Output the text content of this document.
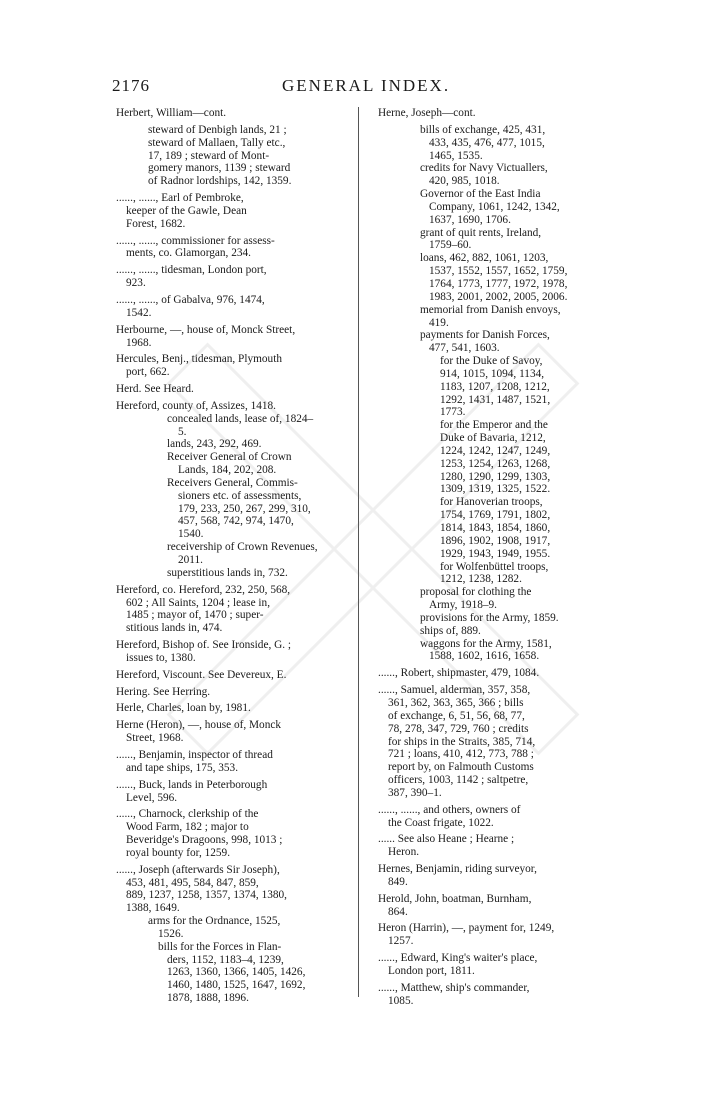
2176	GENERAL INDEX.
Herbert, William—cont.
steward of Denbigh lands, 21 ;
steward of Mallaen, Tally etc.,
17, 189 ; steward of Mont-
gomery manors, 1139 ; steward
of Radnor lordships, 142, 1359.
......, ......, Earl of Pembroke,
keeper of the Gawle, Dean
Forest, 1682.
......, ......, commissioner for assess-
ments, co. Glamorgan, 234.
......, ......, tidesman, London port,
923.
......, ......, of Gabalva, 976, 1474,
1542.
Herbourne, —, house of, Monck Street,
1968.
Hercules, Benj., tidesman, Plymouth
port, 662.
Herd. See Heard.
Hereford, county of, Assizes, 1418.
concealed lands, lease of, 1824–
5.
lands, 243, 292, 469.
Receiver General of Crown
Lands, 184, 202, 208.
Receivers General, Commis-
sioners etc. of assessments,
179, 233, 250, 267, 299, 310,
457, 568, 742, 974, 1470,
1540.
receivership of Crown Revenues,
2011.
superstitious lands in, 732.
Hereford, co. Hereford, 232, 250, 568,
602 ; All Saints, 1204 ; lease in,
1485 ; mayor of, 1470 ; super-
stitious lands in, 474.
Hereford, Bishop of. See Ironside, G. ;
issues to, 1380.
Hereford, Viscount. See Devereux, E.
Hering. See Herring.
Herle, Charles, loan by, 1981.
Herne (Heron), —, house of, Monck
Street, 1968.
......, Benjamin, inspector of thread
and tape ships, 175, 353.
......, Buck, lands in Peterborough
Level, 596.
......, Charnock, clerkship of the
Wood Farm, 182 ; major to
Beveridge's Dragoons, 998, 1013 ;
royal bounty for, 1259.
......, Joseph (afterwards Sir Joseph),
453, 481, 495, 584, 847, 859,
889, 1237, 1258, 1357, 1374, 1380,
1388, 1649.
arms for the Ordnance, 1525,
1526.
bills for the Forces in Flan-
ders, 1152, 1183–4, 1239,
1263, 1360, 1366, 1405, 1426,
1460, 1480, 1525, 1647, 1692,
1878, 1888, 1896.
Herne, Joseph—cont.
bills of exchange, 425, 431,
433, 435, 476, 477, 1015,
1465, 1535.
credits for Navy Victuallers,
420, 985, 1018.
Governor of the East India
Company, 1061, 1242, 1342,
1637, 1690, 1706.
grant of quit rents, Ireland,
1759–60.
loans, 462, 882, 1061, 1203,
1537, 1552, 1557, 1652, 1759,
1764, 1773, 1777, 1972, 1978,
1983, 2001, 2002, 2005, 2006.
memorial from Danish envoys,
419.
payments for Danish Forces,
477, 541, 1603.
for the Duke of Savoy,
914, 1015, 1094, 1134,
1183, 1207, 1208, 1212,
1292, 1431, 1487, 1521,
1773.
for the Emperor and the
Duke of Bavaria, 1212,
1224, 1242, 1247, 1249,
1253, 1254, 1263, 1268,
1280, 1290, 1299, 1303,
1309, 1319, 1325, 1522.
for Hanoverian troops,
1754, 1769, 1791, 1802,
1814, 1843, 1854, 1860,
1896, 1902, 1908, 1917,
1929, 1943, 1949, 1955.
for Wolfenbüttel troops,
1212, 1238, 1282.
proposal for clothing the
Army, 1918–9.
provisions for the Army, 1859.
ships of, 889.
waggons for the Army, 1581,
1588, 1602, 1616, 1658.
......, Robert, shipmaster, 479, 1084.
......, Samuel, alderman, 357, 358,
361, 362, 363, 365, 366 ; bills
of exchange, 6, 51, 56, 68, 77,
78, 278, 347, 729, 760 ; credits
for ships in the Straits, 385, 714,
721 ; loans, 410, 412, 773, 788 ;
report by, on Falmouth Customs
officers, 1003, 1142 ; saltpetre,
387, 390–1.
......, ......, and others, owners of
the Coast frigate, 1022.
...... See also Heane ; Hearne ;
Heron.
Hernes, Benjamin, riding surveyor,
849.
Herold, John, boatman, Burnham,
864.
Heron (Harrin), —, payment for, 1249,
1257.
......, Edward, King's waiter's place,
London port, 1811.
......, Matthew, ship's commander,
1085.
